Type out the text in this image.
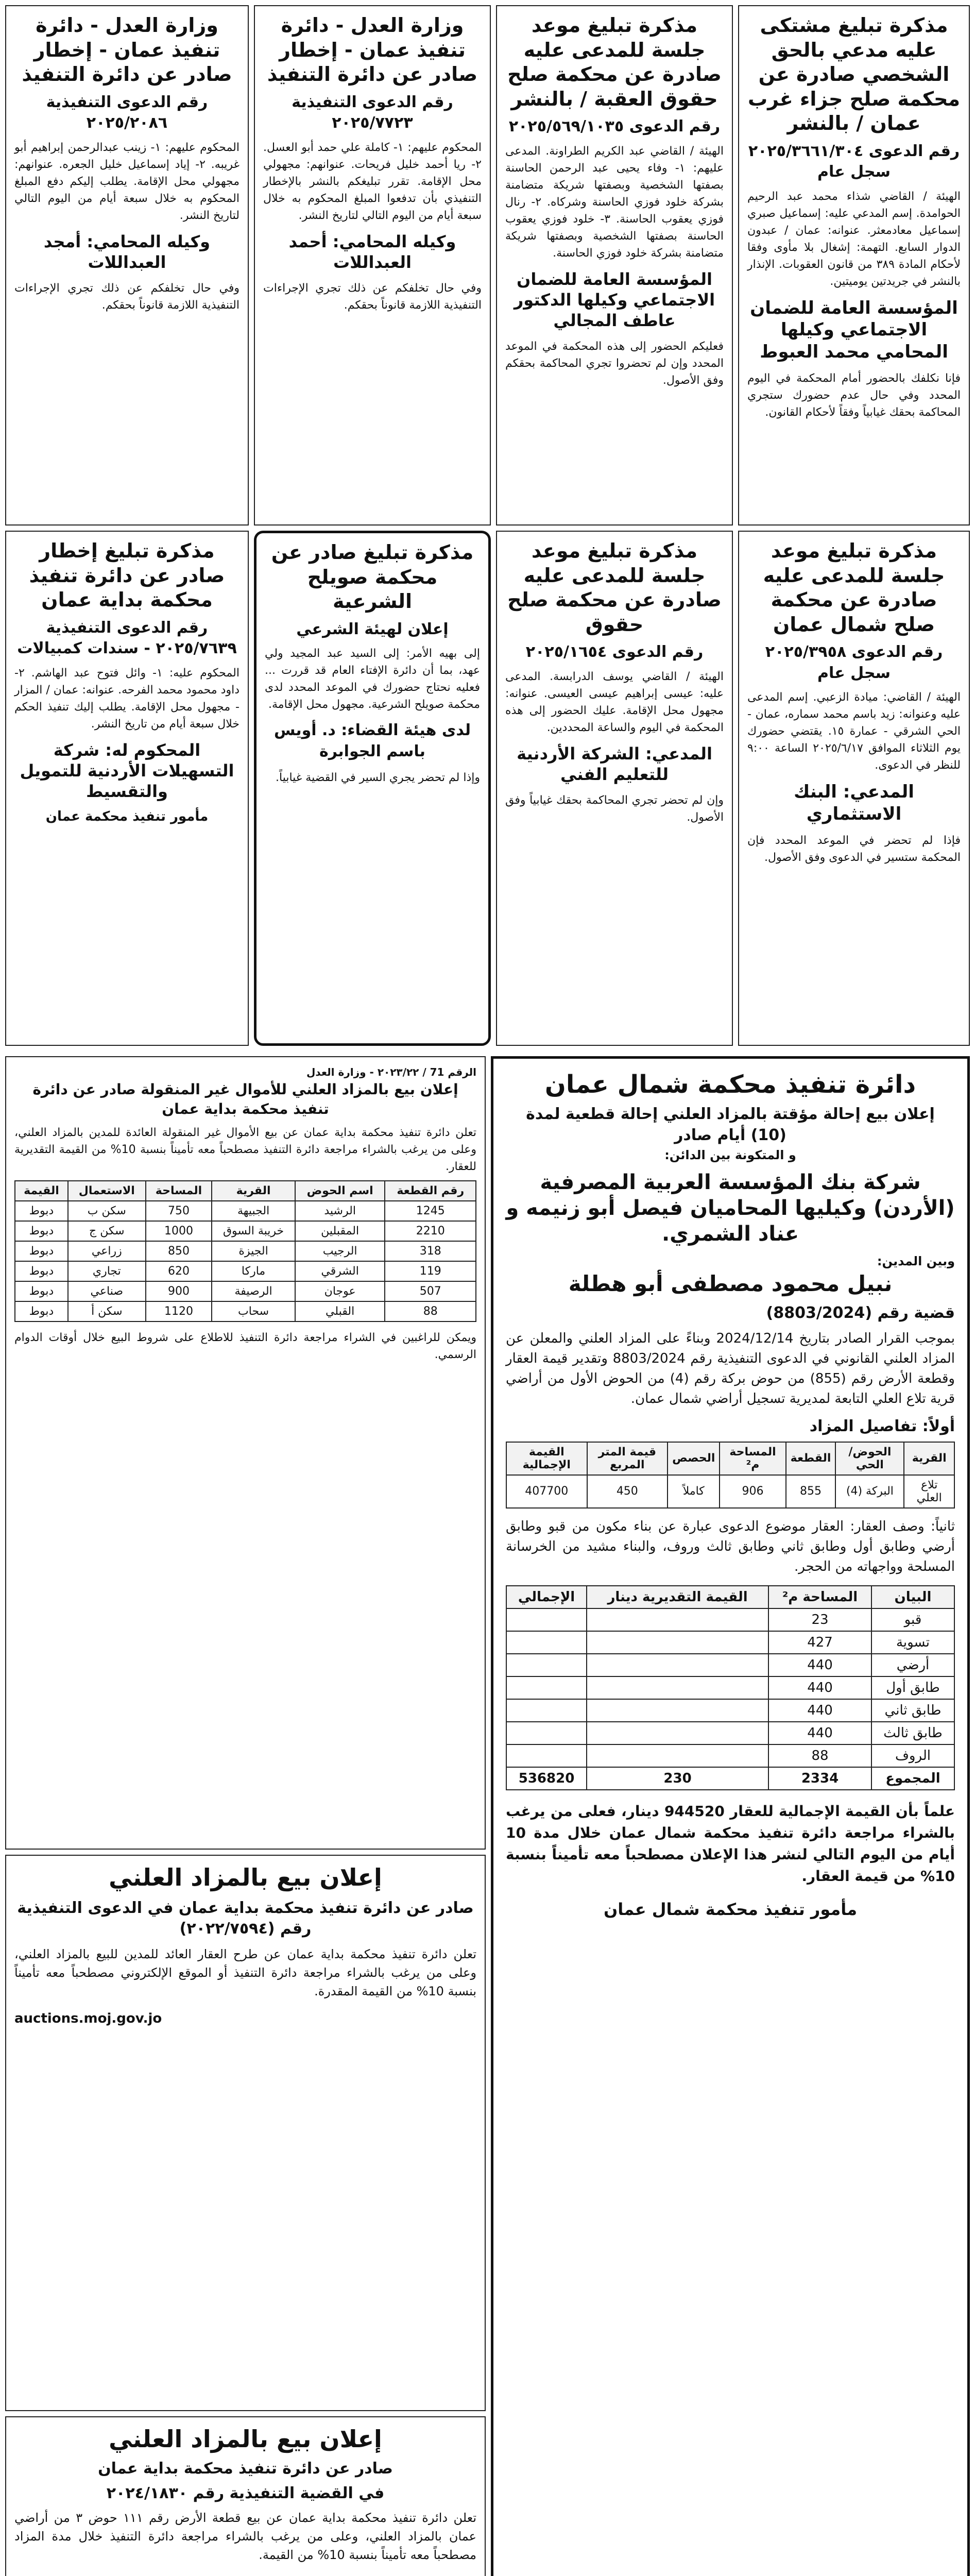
مذكرة تبليغ مشتكى عليه مدعي بالحق الشخصي صادرة عن محكمة صلح جزاء غرب عمان / بالنشر
رقم الدعوى ٢٠٢٥/٣٦٦١/٣٠٤ سجل عام
الهيئة / القاضي شذاء محمد عبد الرحيم الحوامدة. إسم المدعي عليه: إسماعيل صبري إسماعيل معادمعثر. عنوانه: عمان / عبدون الدوار السابع. التهمة: إشغال بلا مأوى وفقا لأحكام المادة ٣٨٩ من قانون العقوبات. الإنذار بالنشر في جريدتين يوميتين.
المؤسسة العامة للضمان الاجتماعي وكيلها المحامي محمد العبوط
فإنا نكلفك بالحضور أمام المحكمة في اليوم المحدد وفي حال عدم حضورك ستجري المحاكمة بحقك غيابياً وفقاً لأحكام القانون.
مذكرة تبليغ موعد جلسة للمدعى عليه صادرة عن محكمة صلح حقوق العقبة / بالنشر
رقم الدعوى ٢٠٢٥/٥٦٩/١٠٣٥
الهيئة / القاضي عبد الكريم الطراونة. المدعى عليهم: ١- وفاء يحيى عبد الرحمن الحاسنة بصفتها الشخصية وبصفتها شريكة متضامنة بشركة خلود فوزي الحاسنة وشركاه. ٢- رنال فوزي يعقوب الحاسنة. ٣- خلود فوزي يعقوب الحاسنة بصفتها الشخصية وبصفتها شريكة متضامنة بشركة خلود فوزي الحاسنة.
المؤسسة العامة للضمان الاجتماعي وكيلها الدكتور عاطف المجالي
فعليكم الحضور إلى هذه المحكمة في الموعد المحدد وإن لم تحضروا تجري المحاكمة بحقكم وفق الأصول.
وزارة العدل - دائرة تنفيذ عمان - إخطار صادر عن دائرة التنفيذ
رقم الدعوى التنفيذية ٢٠٢٥/٧٧٢٣
المحكوم عليهم: ١- كاملة علي حمد أبو العسل. ٢- ريا أحمد خليل فريحات. عنوانهم: مجهولي محل الإقامة. تقرر تبليغكم بالنشر بالإخطار التنفيذي بأن تدفعوا المبلغ المحكوم به خلال سبعة أيام من اليوم التالي لتاريخ النشر.
وكيله المحامي: أحمد العبداللات
وفي حال تخلفكم عن ذلك تجري الإجراءات التنفيذية اللازمة قانوناً بحقكم.
وزارة العدل - دائرة تنفيذ عمان - إخطار صادر عن دائرة التنفيذ
رقم الدعوى التنفيذية ٢٠٢٥/٢٠٨٦
المحكوم عليهم: ١- زينب عبدالرحمن إبراهيم أبو غريبه. ٢- إياد إسماعيل خليل الجعره. عنوانهم: مجهولي محل الإقامة. يطلب إليكم دفع المبلغ المحكوم به خلال سبعة أيام من اليوم التالي لتاريخ النشر.
وكيله المحامي: أمجد العبداللات
وفي حال تخلفكم عن ذلك تجري الإجراءات التنفيذية اللازمة قانوناً بحقكم.
مذكرة تبليغ موعد جلسة للمدعى عليه صادرة عن محكمة صلح شمال عمان
رقم الدعوى ٢٠٢٥/٣٩٥٨ سجل عام
الهيئة / القاضي: ميادة الزعبي. إسم المدعى عليه وعنوانه: زيد باسم محمد سماره، عمان - الحي الشرقي - عمارة ١٥. يقتضي حضورك يوم الثلاثاء الموافق ٢٠٢٥/٦/١٧ الساعة ٩:٠٠ للنظر في الدعوى.
المدعي: البنك الاستثماري
فإذا لم تحضر في الموعد المحدد فإن المحكمة ستسير في الدعوى وفق الأصول.
مذكرة تبليغ موعد جلسة للمدعى عليه صادرة عن محكمة صلح حقوق
رقم الدعوى ٢٠٢٥/١٦٥٤
الهيئة / القاضي يوسف الدرابسة. المدعى عليه: عيسى إبراهيم عيسى العيسى. عنوانه: مجهول محل الإقامة. عليك الحضور إلى هذه المحكمة في اليوم والساعة المحددين.
المدعي: الشركة الأردنية للتعليم الفني
وإن لم تحضر تجري المحاكمة بحقك غيابياً وفق الأصول.
مذكرة تبليغ صادر عن محكمة صويلح الشرعية
إعلان لهيئة الشرعي
إلى بهيه الأمر: إلى السيد عبد المجيد ولي عهد، بما أن دائرة الإفتاء العام قد قررت ... فعليه نحتاج حضورك في الموعد المحدد لدى محكمة صويلح الشرعية. مجهول محل الإقامة.
لدى هيئة القضاء: د. أويس باسم الجوابرة
وإذا لم تحضر يجري السير في القضية غيابياً.
مذكرة تبليغ إخطار صادر عن دائرة تنفيذ محكمة بداية عمان
رقم الدعوى التنفيذية ٢٠٢٥/٧٦٣٩ - سندات كمبيالات
المحكوم عليه: ١- وائل فتوح عبد الهاشم. ٢- داود محمود محمد الفرحه. عنوانه: عمان / المزار - مجهول محل الإقامة. يطلب إليك تنفيذ الحكم خلال سبعة أيام من تاريخ النشر.
المحكوم له: شركة التسهيلات الأردنية للتمويل والتقسيط
مأمور تنفيذ محكمة عمان
دائرة تنفيذ محكمة شمال عمان
إعلان بيع إحالة مؤقتة بالمزاد العلني إحالة قطعية لمدة (10) أيام صادر
و المتكونة بين الدائن:
شركة بنك المؤسسة العربية المصرفية (الأردن) وكيليها المحاميان فيصل أبو زنيمه و عناد الشمري.
وبين المدين:
نبيل محمود مصطفى أبو هطلة
قضية رقم (8803/2024)
بموجب القرار الصادر بتاريخ 2024/12/14 وبناءً على المزاد العلني والمعلن عن المزاد العلني القانوني في الدعوى التنفيذية رقم 8803/2024 وتقدير قيمة العقار وقطعة الأرض رقم (855) من حوض بركة رقم (4) من الحوض الأول من أراضي قرية تلاع العلي التابعة لمديرية تسجيل أراضي شمال عمان.
أولاً: تفاصيل المزاد
القرية	الحوض/الحي	القطعة	المساحة م²	الحصص	قيمة المتر المربع	القيمة الإجمالية
تلاع العلي	البركة (4)	855	906	كاملاً	450	407700
ثانياً: وصف العقار: العقار موضوع الدعوى عبارة عن بناء مكون من قبو وطابق أرضي وطابق أول وطابق ثاني وطابق ثالث وروف، والبناء مشيد من الخرسانة المسلحة وواجهاته من الحجر.
البيان	المساحة م²	القيمة التقديرية دينار	الإجمالي
قبو	23		
تسوية	427		
أرضي	440		
طابق أول	440		
طابق ثاني	440		
طابق ثالث	440		
الروف	88		
المجموع	2334	230	536820
علماً بأن القيمة الإجمالية للعقار 944520 دينار، فعلى من يرغب بالشراء مراجعة دائرة تنفيذ محكمة شمال عمان خلال مدة 10 أيام من اليوم التالي لنشر هذا الإعلان مصطحباً معه تأميناً بنسبة 10% من قيمة العقار.
مأمور تنفيذ محكمة شمال عمان
الرقم 71 / ٢٠٢٣/٢٢ - وزارة العدل
إعلان بيع بالمزاد العلني للأموال غير المنقولة صادر عن دائرة تنفيذ محكمة بداية عمان
تعلن دائرة تنفيذ محكمة بداية عمان عن بيع الأموال غير المنقولة العائدة للمدين بالمزاد العلني، وعلى من يرغب بالشراء مراجعة دائرة التنفيذ مصطحباً معه تأميناً بنسبة 10% من القيمة التقديرية للعقار.
رقم القطعة	اسم الحوض	القرية	المساحة	الاستعمال	القيمة
1245	الرشيد	الجبيهة	750	سكن ب	دبوط
2210	المقبلين	خريبة السوق	1000	سكن ج	دبوط
318	الرجيب	الجيزة	850	زراعي	دبوط
119	الشرقي	ماركا	620	تجاري	دبوط
507	عوجان	الرصيفة	900	صناعي	دبوط
88	القبلي	سحاب	1120	سكن أ	دبوط
ويمكن للراغبين في الشراء مراجعة دائرة التنفيذ للاطلاع على شروط البيع خلال أوقات الدوام الرسمي.
إعلان بيع بالمزاد العلني
صادر عن دائرة تنفيذ محكمة بداية عمان في الدعوى التنفيذية رقم (٢٠٢٢/٧٥٩٤)
تعلن دائرة تنفيذ محكمة بداية عمان عن طرح العقار العائد للمدين للبيع بالمزاد العلني، وعلى من يرغب بالشراء مراجعة دائرة التنفيذ أو الموقع الإلكتروني مصطحباً معه تأميناً بنسبة 10% من القيمة المقدرة.
auctions.moj.gov.jo
إعلان بيع بالمزاد العلني
صادر عن دائرة تنفيذ محكمة بداية عمان
في القضية التنفيذية رقم ٢٠٢٤/١٨٣٠
تعلن دائرة تنفيذ محكمة بداية عمان عن بيع قطعة الأرض رقم ١١١ حوض ٣ من أراضي عمان بالمزاد العلني، وعلى من يرغب بالشراء مراجعة دائرة التنفيذ خلال مدة المزاد مصطحباً معه تأميناً بنسبة 10% من القيمة.
